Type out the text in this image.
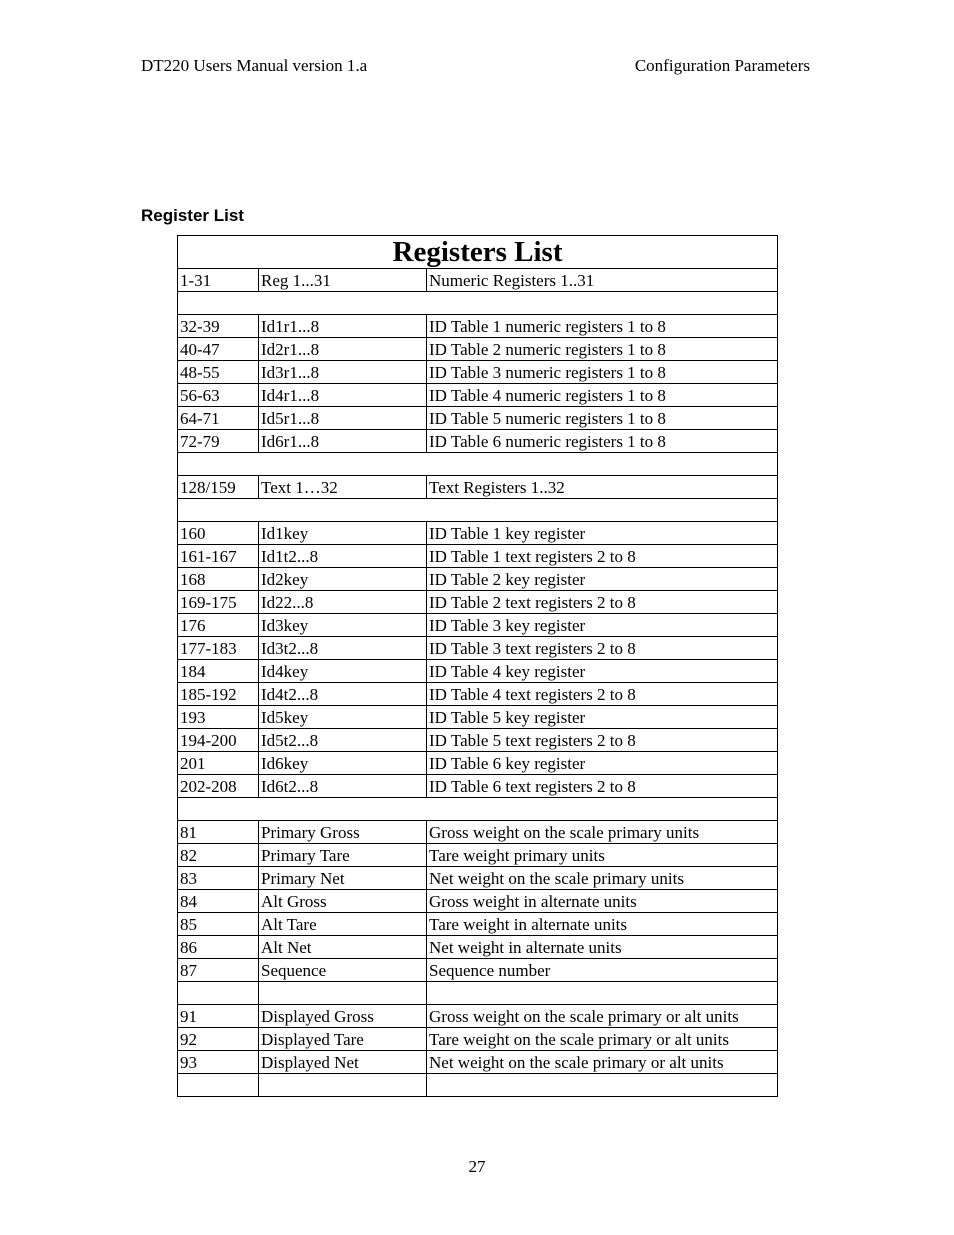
DT220 Users Manual version 1.a	Configuration Parameters
Register List
Registers List		
1-31	Reg 1...31	Numeric Registers 1..31

32-39	Id1r1...8	ID Table 1 numeric registers 1 to 8
40-47	Id2r1...8	ID Table 2 numeric registers 1 to 8
48-55	Id3r1...8	ID Table 3 numeric registers 1 to 8
56-63	Id4r1...8	ID Table 4 numeric registers 1 to 8
64-71	Id5r1...8	ID Table 5 numeric registers 1 to 8
72-79	Id6r1...8	ID Table 6 numeric registers 1 to 8

128/159	Text 1…32	Text Registers 1..32

160	Id1key	ID Table 1 key register
161-167	Id1t2...8	ID Table 1 text registers 2 to 8
168	Id2key	ID Table 2 key register
169-175	Id22...8	ID Table 2 text registers 2 to 8
176	Id3key	ID Table 3 key register
177-183	Id3t2...8	ID Table 3 text registers 2 to 8
184	Id4key	ID Table 4 key register
185-192	Id4t2...8	ID Table 4 text registers 2 to 8
193	Id5key	ID Table 5 key register
194-200	Id5t2...8	ID Table 5 text registers 2 to 8
201	Id6key	ID Table 6 key register
202-208	Id6t2...8	ID Table 6 text registers 2 to 8

81	Primary Gross	Gross weight on the scale primary units
82	Primary Tare	Tare weight primary units
83	Primary Net	Net weight on the scale primary units
84	Alt Gross	Gross weight in alternate units
85	Alt Tare	Tare weight in alternate units
86	Alt Net	Net weight in alternate units
87	Sequence	Sequence number

91	Displayed Gross	Gross weight on the scale primary or alt units
92	Displayed Tare	Tare weight on the scale primary or alt units
93	Displayed Net	Net weight on the scale primary or alt units

27
